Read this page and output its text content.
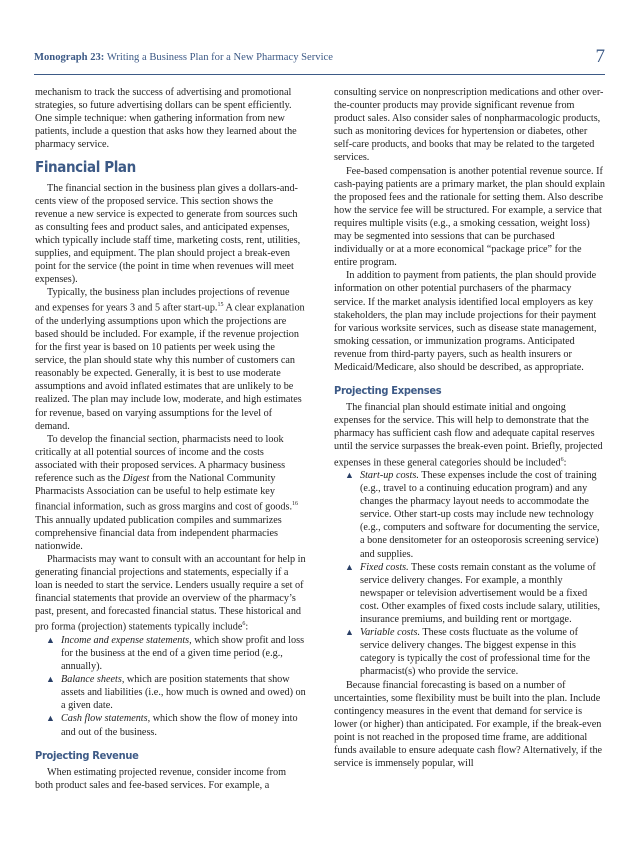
Monograph 23: Writing a Business Plan for a New Pharmacy Service	7

mechanism to track the success of advertising and promotional strategies, so future advertising dollars can be spent efficiently. One simple technique: when gathering information from new patients, include a question that asks how they learned about the pharmacy service.

Financial Plan

The financial section in the business plan gives a dollars-and-cents view of the proposed service. This section shows the revenue a new service is expected to generate from sources such as consulting fees and product sales, and anticipated expenses, which typically include staff time, marketing costs, rent, utilities, supplies, and equipment. The plan should project a break-even point for the service (the point in time when revenues will meet expenses).

Typically, the business plan includes projections of revenue and expenses for years 3 and 5 after start-up.$^{15}$ A clear explanation of the underlying assumptions upon which the projections are based should be included. For example, if the revenue projection for the first year is based on 10 patients per week using the service, the plan should state why this number of customers can reasonably be expected. Generally, it is best to use moderate assumptions and avoid inflated estimates that are unlikely to be realized. The plan may include low, moderate, and high estimates for revenue, based on varying assumptions for the level of demand.

To develop the financial section, pharmacists need to look critically at all potential sources of income and the costs associated with their proposed services. A pharmacy business reference such as the Digest from the National Community Pharmacists Association can be useful to help estimate key financial information, such as gross margins and cost of goods.$^{16}$ This annually updated publication compiles and summarizes comprehensive financial data from independent pharmacies nationwide.

Pharmacists may want to consult with an accountant for help in generating financial projections and statements, especially if a loan is needed to start the service. Lenders usually require a set of financial statements that provide an overview of the pharmacy’s past, present, and forecasted financial status. These historical and pro forma (projection) statements typically include$^6$:

▲ Income and expense statements, which show profit and loss for the business at the end of a given time period (e.g., annually).
▲ Balance sheets, which are position statements that show assets and liabilities (i.e., how much is owned and owed) on a given date.
▲ Cash flow statements, which show the flow of money into and out of the business.
Projecting Revenue

When estimating projected revenue, consider income from both product sales and fee-based services. For example, a

consulting service on nonprescription medications and other over-the-counter products may provide significant revenue from product sales. Also consider sales of nonpharmacologic products, such as monitoring devices for hypertension or diabetes, other self-care products, and books that may be related to the targeted services.

Fee-based compensation is another potential revenue source. If cash-paying patients are a primary market, the plan should explain the proposed fees and the rationale for setting them. Also describe how the service fee will be structured. For example, a service that requires multiple visits (e.g., a smoking cessation, weight loss) may be segmented into sessions that can be purchased individually or at a more economical “package price” for the entire program.

In addition to payment from patients, the plan should provide information on other potential purchasers of the pharmacy service. If the market analysis identified local employers as key stakeholders, the plan may include projections for their payment for various worksite services, such as disease state management, smoking cessation, or immunization programs. Anticipated revenue from third-party payers, such as health insurers or Medicaid/Medicare, also should be described, as appropriate.

Projecting Expenses

The financial plan should estimate initial and ongoing expenses for the service. This will help to demonstrate that the pharmacy has sufficient cash flow and adequate capital reserves until the service surpasses the break-even point. Briefly, projected expenses in these general categories should be included$^6$:

▲ Start-up costs. These expenses include the cost of training (e.g., travel to a continuing education program) and any changes the pharmacy layout needs to accommodate the service. Other start-up costs may include new technology (e.g., computers and software for documenting the service, a bone densitometer for an osteoporosis screening service) and supplies.
▲ Fixed costs. These costs remain constant as the volume of service delivery changes. For example, a monthly newspaper or television advertisement would be a fixed cost. Other examples of fixed costs include salary, utilities, insurance premiums, and building rent or mortgage.
▲ Variable costs. These costs fluctuate as the volume of service delivery changes. The biggest expense in this category is typically the cost of professional time for the pharmacist(s) who provide the service.

Because financial forecasting is based on a number of uncertainties, some flexibility must be built into the plan. Include contingency measures in the event that demand for service is lower (or higher) than anticipated. For example, if the break-even point is not reached in the proposed time frame, are additional funds available to ensure adequate cash flow? Alternatively, if the service is immensely popular, will
